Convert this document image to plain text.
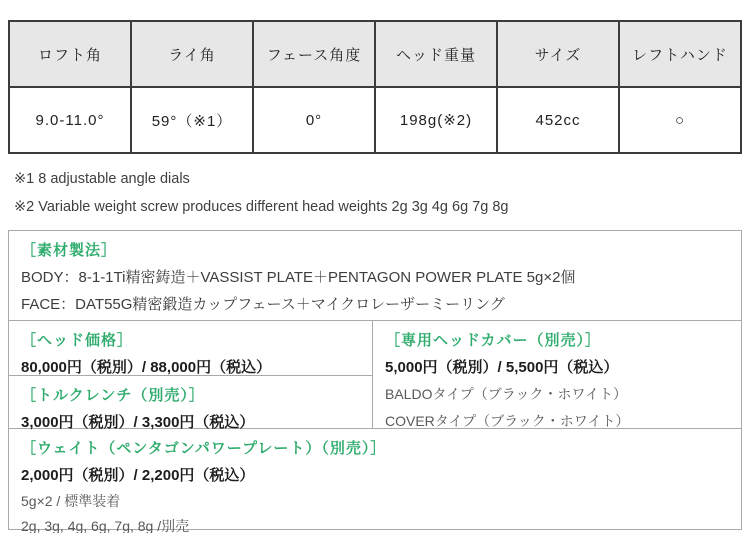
ロフト角	ライ角	フェース角度	ヘッド重量	サイズ	レフトハンド
9.0-11.0°	59°（※1）	0°	198g(※2)	452cc	○
※1 8 adjustable angle dials
※2 Variable weight screw produces different head weights 2g 3g 4g 6g 7g 8g
［素材製法］
BODY：8-1-1Ti精密鋳造＋VASSIST PLATE＋PENTAGON POWER PLATE 5g×2個
FACE：DAT55G精密鍛造カップフェース＋マイクロレーザーミーリング
［ヘッド価格］
80,000円（税別）/ 88,000円（税込）
［トルクレンチ（別売）］
3,000円（税別）/ 3,300円（税込）
［専用ヘッドカバー（別売）］
5,000円（税別）/ 5,500円（税込）
BALDOタイプ（ブラック・ホワイト）
COVERタイプ（ブラック・ホワイト）
［ウェイト（ペンタゴンパワープレート）（別売）］
2,000円（税別）/ 2,200円（税込）
5g×2 / 標準装着
2g, 3g, 4g, 6g, 7g, 8g /別売
